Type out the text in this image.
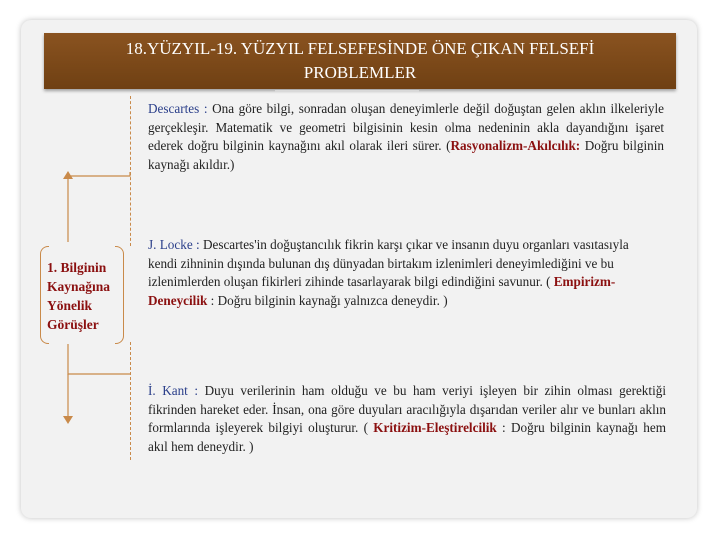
18.YÜZYIL-19. YÜZYIL FELSEFESİNDE ÖNE ÇIKAN FELSEFİ
PROBLEMLER
1. Bilginin
Kaynağına
Yönelik
Görüşler
Descartes : Ona göre bilgi, sonradan oluşan deneyimlerle değil doğuştan gelen aklın ilkeleriyle gerçekleşir. Matematik ve geometri bilgisinin kesin olma nedeninin akla dayandığını işaret ederek doğru bilginin kaynağını akıl olarak ileri sürer. (Rasyonalizm-Akılcılık: Doğru bilginin kaynağı akıldır.)
J. Locke : Descartes'in doğuştancılık fikrin karşı çıkar ve insanın duyu organları vasıtasıyla kendi zihninin dışında bulunan dış dünyadan birtakım izlenimleri deneyimlediğini ve bu izlenimlerden oluşan fikirleri zihinde tasarlayarak bilgi edindiğini savunur. ( Empirizm-Deneycilik : Doğru bilginin kaynağı yalnızca deneydir. )
İ. Kant : Duyu verilerinin ham olduğu ve bu ham veriyi işleyen bir zihin olması gerektiği fikrinden hareket eder. İnsan, ona göre duyuları aracılığıyla dışarıdan veriler alır ve bunları aklın formlarında işleyerek bilgiyi oluşturur. ( Kritizim-Eleştirelcilik : Doğru bilginin kaynağı hem akıl hem deneydir. )
